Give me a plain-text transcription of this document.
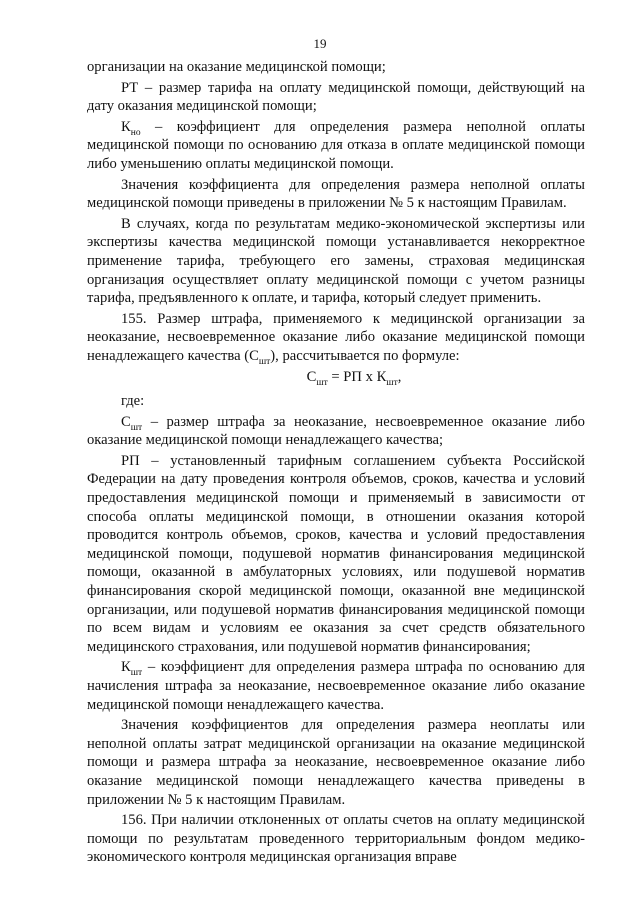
19

организации на оказание медицинской помощи;

РТ – размер тарифа на оплату медицинской помощи, действующий на дату оказания медицинской помощи;

$К_{но}$ – коэффициент для определения размера неполной оплаты медицинской помощи по основанию для отказа в оплате медицинской помощи либо уменьшению оплаты медицинской помощи.

Значения коэффициента для определения размера неполной оплаты медицинской помощи приведены в приложении № 5 к настоящим Правилам.

В случаях, когда по результатам медико-экономической экспертизы или экспертизы качества медицинской помощи устанавливается некорректное применение тарифа, требующего его замены, страховая медицинская организация осуществляет оплату медицинской помощи с учетом разницы тарифа, предъявленного к оплате, и тарифа, который следует применить.

155. Размер штрафа, применяемого к медицинской организации за неоказание, несвоевременное оказание либо оказание медицинской помощи ненадлежащего качества $(С_{шт})$, рассчитывается по формуле:

$С_{шт}$ = РП х $К_{шт}$,

где:

$С_{шт}$ – размер штрафа за неоказание, несвоевременное оказание либо оказание медицинской помощи ненадлежащего качества;

РП – установленный тарифным соглашением субъекта Российской Федерации на дату проведения контроля объемов, сроков, качества и условий предоставления медицинской помощи и применяемый в зависимости от способа оплаты медицинской помощи, в отношении оказания которой проводится контроль объемов, сроков, качества и условий предоставления медицинской помощи, подушевой норматив финансирования медицинской помощи, оказанной в амбулаторных условиях, или подушевой норматив финансирования скорой медицинской помощи, оказанной вне медицинской организации, или подушевой норматив финансирования медицинской помощи по всем видам и условиям ее оказания за счет средств обязательного медицинского страхования, или подушевой норматив финансирования;

$К_{шт}$ – коэффициент для определения размера штрафа по основанию для начисления штрафа за неоказание, несвоевременное оказание либо оказание медицинской помощи ненадлежащего качества.

Значения коэффициентов для определения размера неоплаты или неполной оплаты затрат медицинской организации на оказание медицинской помощи и размера штрафа за неоказание, несвоевременное оказание либо оказание медицинской помощи ненадлежащего качества приведены в приложении № 5 к настоящим Правилам.

156. При наличии отклоненных от оплаты счетов на оплату медицинской помощи по результатам проведенного территориальным фондом медико-экономического контроля медицинская организация вправе
